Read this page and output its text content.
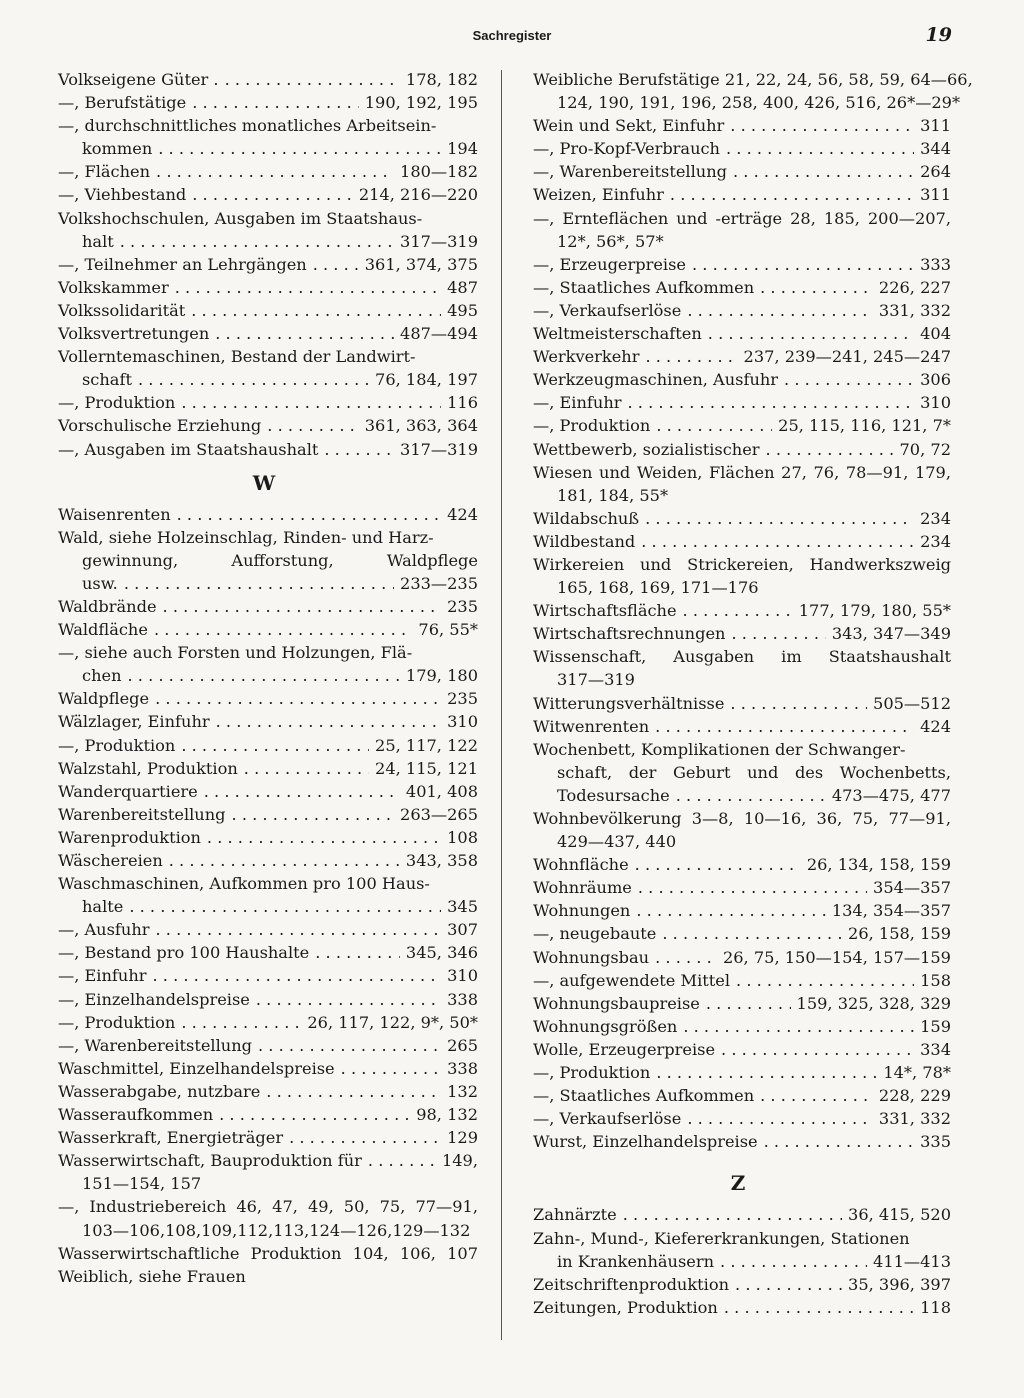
Sachregister	19
Volkseigene Güter . . . .	178, 182
—, Berufstätige . . .	190, 192, 195
—, durchschnittliches monatliches Arbeitsein-
kommen . . .	194
—, Flächen . . .	180—182
—, Viehbestand . . .	214, 216—220
Volkshochschulen, Ausgaben im Staatshaus-
halt . . .	317—319
—, Teilnehmer an Lehrgängen . . .	361, 374, 375
Volkskammer . . .	487
Volkssolidarität . . .	495
Volksvertretungen . . .	487—494
Vollerntemaschinen, Bestand der Landwirt-
schaft . . .	76, 184, 197
—, Produktion . . .	116
Vorschulische Erziehung . . .	361, 363, 364
—, Ausgaben im Staatshaushalt . . .	317—319
W
Waisenrenten . . .	424
Wald, siehe Holzeinschlag, Rinden- und Harz-
gewinnung, Aufforstung, Waldpflege
usw. . . .	233—235
Waldbrände . . .	235
Waldfläche . . .	76, 55*
—, siehe auch Forsten und Holzungen, Flä-
chen . . .	179, 180
Waldpflege . . .	235
Wälzlager, Einfuhr . . .	310
—, Produktion . . .	25, 117, 122
Walzstahl, Produktion . . .	24, 115, 121
Wanderquartiere . . .	401, 408
Warenbereitstellung . . .	263—265
Warenproduktion . . .	108
Wäschereien . . .	343, 358
Waschmaschinen, Aufkommen pro 100 Haus-
halte . . .	345
—, Ausfuhr . . .	307
—, Bestand pro 100 Haushalte . . .	345, 346
—, Einfuhr . . .	310
—, Einzelhandelspreise . . .	338
—, Produktion . . .	26, 117, 122, 9*, 50*
—, Warenbereitstellung . . .	265
Waschmittel, Einzelhandelspreise . . .	338
Wasserabgabe, nutzbare . . .	132
Wasseraufkommen . . .	98, 132
Wasserkraft, Energieträger . . .	129
Wasserwirtschaft, Bauproduktion für . . .	149,
151—154, 157
—, Industriebereich 46, 47, 49, 50, 75, 77—91,
103—106,108,109,112,113,124—126,129—132
Wasserwirtschaftliche Produktion 104, 106, 107
Weiblich, siehe Frauen
Weibliche Berufstätige 21, 22, 24, 56, 58, 59, 64—66,
124, 190, 191, 196, 258, 400, 426, 516, 26*—29*
Wein und Sekt, Einfuhr . . .	311
—, Pro-Kopf-Verbrauch . . .	344
—, Warenbereitstellung . . .	264
Weizen, Einfuhr . . .	311
—, Ernteflächen und -erträge 28, 185, 200—207,
12*, 56*, 57*
—, Erzeugerpreise . . .	333
—, Staatliches Aufkommen . . .	226, 227
—, Verkaufserlöse . . .	331, 332
Weltmeisterschaften . . .	404
Werkverkehr . . .	237, 239—241, 245—247
Werkzeugmaschinen, Ausfuhr . . .	306
—, Einfuhr . . .	310
—, Produktion . . .	25, 115, 116, 121, 7*
Wettbewerb, sozialistischer . . .	70, 72
Wiesen und Weiden, Flächen 27, 76, 78—91, 179,
181, 184, 55*
Wildabschuß . . .	234
Wildbestand . . .	234
Wirkereien und Strickereien, Handwerkszweig
165, 168, 169, 171—176
Wirtschaftsfläche . . .	177, 179, 180, 55*
Wirtschaftsrechnungen . . .	343, 347—349
Wissenschaft, Ausgaben im Staatshaushalt
317—319
Witterungsverhältnisse . . .	505—512
Witwenrenten . . .	424
Wochenbett, Komplikationen der Schwanger-
schaft, der Geburt und des Wochenbetts,
Todesursache . . .	473—475, 477
Wohnbevölkerung 3—8, 10—16, 36, 75, 77—91,
429—437, 440
Wohnfläche . . .	26, 134, 158, 159
Wohnräume . . .	354—357
Wohnungen . . .	134, 354—357
—, neugebaute . . .	26, 158, 159
Wohnungsbau . . .	26, 75, 150—154, 157—159
—, aufgewendete Mittel . . .	158
Wohnungsbaupreise . . .	159, 325, 328, 329
Wohnungsgrößen . . .	159
Wolle, Erzeugerpreise . . .	334
—, Produktion . . .	14*, 78*
—, Staatliches Aufkommen . . .	228, 229
—, Verkaufserlöse . . .	331, 332
Wurst, Einzelhandelspreise . . .	335
Z
Zahnärzte . . .	36, 415, 520
Zahn-, Mund-, Kiefererkrankungen, Stationen
in Krankenhäusern . . .	411—413
Zeitschriftenproduktion . . .	35, 396, 397
Zeitungen, Produktion . . .	118
